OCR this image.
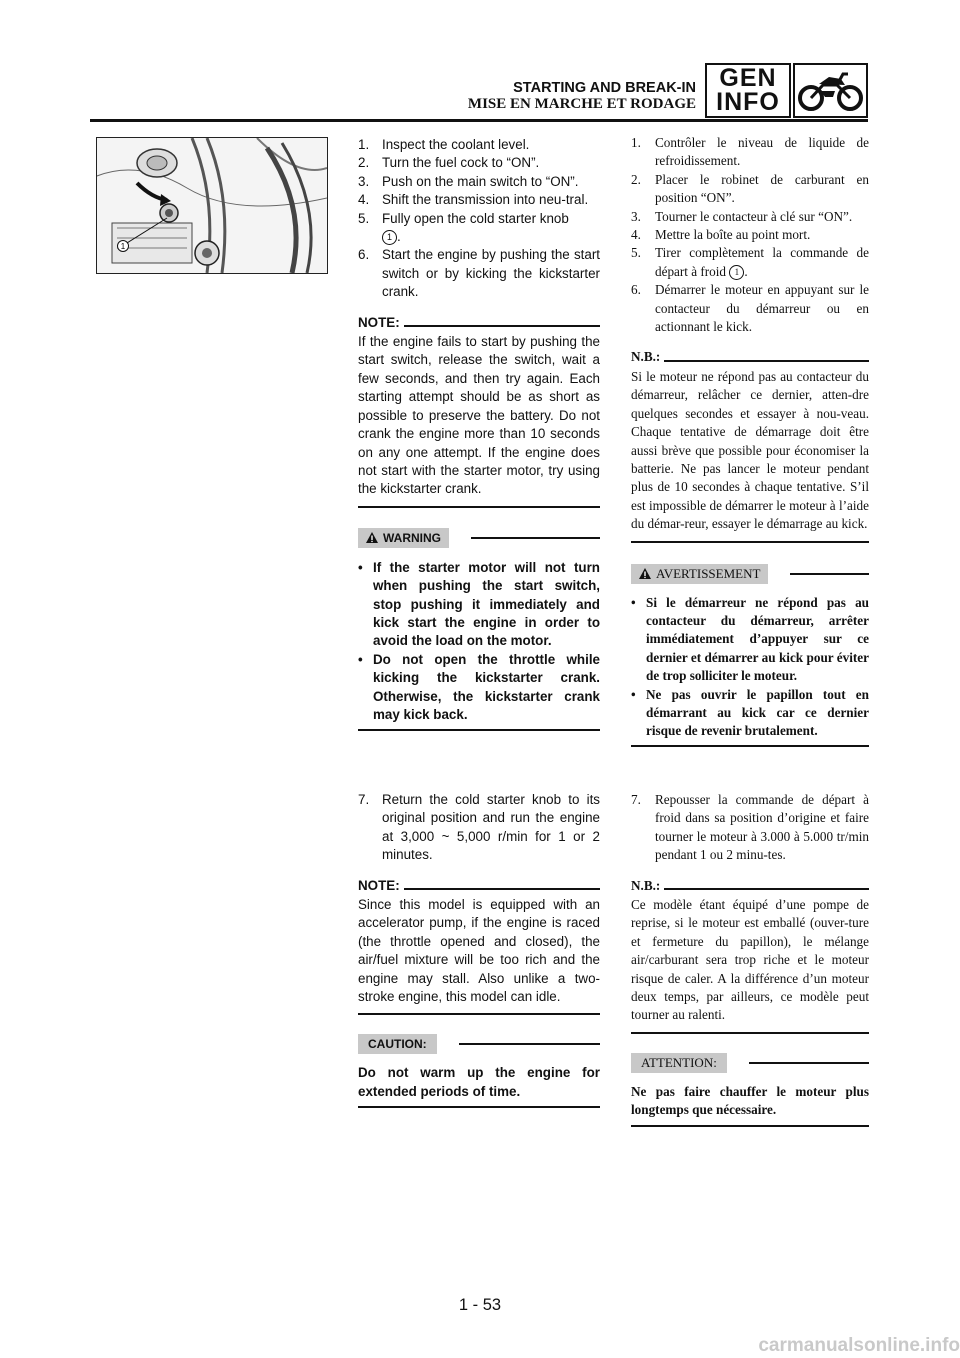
STARTING AND BREAK-IN
MISE EN MARCHE ET RODAGE
GEN
INFO
1
1. Inspect the coolant level.
2. Turn the fuel cock to “ON”.
3. Push on the main switch to “ON”.
4. Shift the transmission into neu-tral.
5. Fully open the cold starter knob
1 .
6. Start the engine by pushing the start switch or by kicking the kickstarter crank.
NOTE:
If the engine fails to start by pushing the start switch, release the switch, wait a few seconds, and then try again. Each starting attempt should be as short as possible to preserve the battery. Do not crank the engine more than 10 seconds on any one attempt. If the engine does not start with the starter motor, try using the kickstarter crank.
WARNING
• If the starter motor will not turn when pushing the start switch, stop pushing it immediately and kick start the engine in order to avoid the load on the motor.
• Do not open the throttle while kicking the kickstarter crank. Otherwise, the kickstarter crank may kick back.
1. Contrôler le niveau de liquide de refroidissement.
2. Placer le robinet de carburant en position “ON”.
3. Tourner le contacteur à clé sur “ON”.
4. Mettre la boîte au point mort.
5. Tirer complètement la commande de départ à froid 1 .
6. Démarrer le moteur en appuyant sur le contacteur du démarreur ou en actionnant le kick.
N.B.:
Si le moteur ne répond pas au contacteur du démarreur, relâcher ce dernier, atten-dre quelques secondes et essayer à nou-veau. Chaque tentative de démarrage doit être aussi brève que possible pour économiser la batterie. Ne pas lancer le moteur pendant plus de 10 secondes à chaque tentative. S’il est impossible de démarrer le moteur à l’aide du démar-reur, essayer le démarrage au kick.
AVERTISSEMENT
• Si le démarreur ne répond pas au contacteur du démarreur, arrêter immédiatement d’appuyer sur ce dernier et démarrer au kick pour éviter de trop solliciter le moteur.
• Ne pas ouvrir le papillon tout en démarrant au kick car ce dernier risque de revenir brutalement.
7. Return the cold starter knob to its original position and run the engine at 3,000 ~ 5,000 r/min for 1 or 2 minutes.
NOTE:
Since this model is equipped with an accelerator pump, if the engine is raced (the throttle opened and closed), the air/fuel mixture will be too rich and the engine may stall. Also unlike a two-stroke engine, this model can idle.
CAUTION:
Do not warm up the engine for extended periods of time.
7. Repousser la commande de départ à froid dans sa position d’origine et faire tourner le moteur à 3.000 à 5.000 tr/min pendant 1 ou 2 minu-tes.
N.B.:
Ce modèle étant équipé d’une pompe de reprise, si le moteur est emballé (ouver-ture et fermeture du papillon), le mélange air/carburant sera trop riche et le moteur risque de caler. A la différence d’un moteur deux temps, par ailleurs, ce modèle peut tourner au ralenti.
ATTENTION:
Ne pas faire chauffer le moteur plus longtemps que nécessaire.
1 - 53
carmanualsonline.info
